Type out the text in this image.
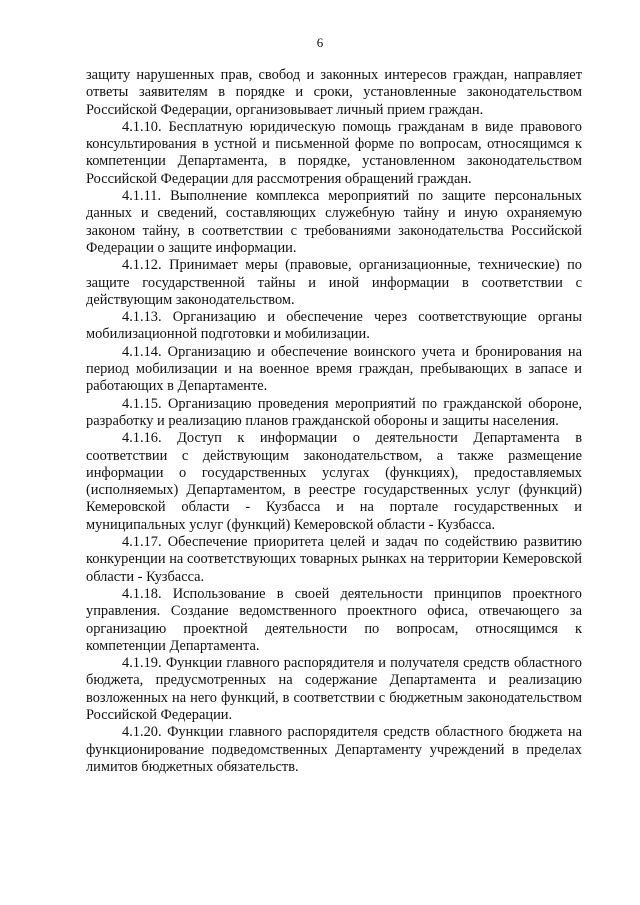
6

защиту нарушенных прав, свобод и законных интересов граждан, направляет ответы заявителям в порядке и сроки, установленные законодательством Российской Федерации, организовывает личный прием граждан.

4.1.10. Бесплатную юридическую помощь гражданам в виде правового консультирования в устной и письменной форме по вопросам, относящимся к компетенции Департамента, в порядке, установленном законодательством Российской Федерации для рассмотрения обращений граждан.

4.1.11. Выполнение комплекса мероприятий по защите персональных данных и сведений, составляющих служебную тайну и иную охраняемую законом тайну, в соответствии с требованиями законодательства Российской Федерации о защите информации.

4.1.12. Принимает меры (правовые, организационные, технические) по защите государственной тайны и иной информации в соответствии с действующим законодательством.

4.1.13. Организацию и обеспечение через соответствующие органы мобилизационной подготовки и мобилизации.

4.1.14. Организацию и обеспечение воинского учета и бронирования на период мобилизации и на военное время граждан, пребывающих в запасе и работающих в Департаменте.

4.1.15. Организацию проведения мероприятий по гражданской обороне, разработку и реализацию планов гражданской обороны и защиты населения.

4.1.16. Доступ к информации о деятельности Департамента в соответствии с действующим законодательством, а также размещение информации о государственных услугах (функциях), предоставляемых (исполняемых) Департаментом, в реестре государственных услуг (функций) Кемеровской области - Кузбасса и на портале государственных и муниципальных услуг (функций) Кемеровской области - Кузбасса.

4.1.17. Обеспечение приоритета целей и задач по содействию развитию конкуренции на соответствующих товарных рынках на территории Кемеровской области - Кузбасса.

4.1.18. Использование в своей деятельности принципов проектного управления. Создание ведомственного проектного офиса, отвечающего за организацию проектной деятельности по вопросам, относящимся к компетенции Департамента.

4.1.19. Функции главного распорядителя и получателя средств областного бюджета, предусмотренных на содержание Департамента и реализацию возложенных на него функций, в соответствии с бюджетным законодательством Российской Федерации.

4.1.20. Функции главного распорядителя средств областного бюджета на функционирование подведомственных Департаменту учреждений в пределах лимитов бюджетных обязательств.
